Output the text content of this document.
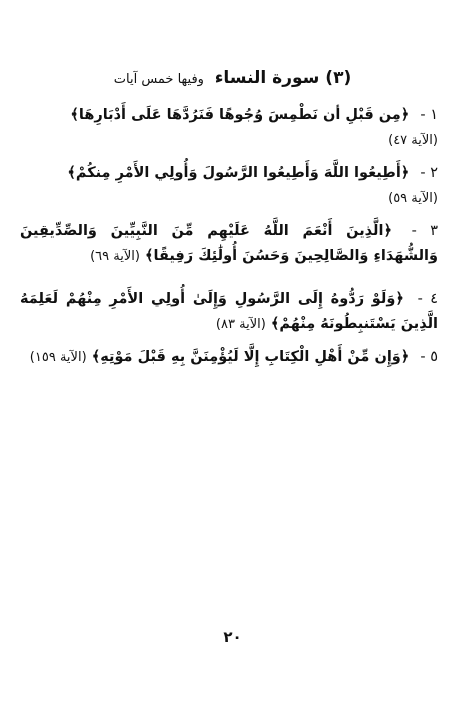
(٣) سورة النساء وفيها خمس آيات
١ - ﴿مِن قَبْلِ أن نَطْمِسَ وُجُوهًا فَنَرُدَّهَا عَلَى أَدْبَارِهَا﴾
(الآية ٤٧)
٢ - ﴿أَطِيعُوا اللَّهَ وَأَطِيعُوا الرَّسُولَ وَأُولِي الأَمْرِ مِنكُمْ﴾
(الآية ٥٩)
٣ - ﴿الَّذِينَ أَنْعَمَ اللَّهُ عَلَيْهِم مِّنَ النَّبِيِّينَ وَالصِّدِّيقِينَ وَالشُّهَدَاءِ وَالصَّالِحِينَ وَحَسُنَ أُولَٰئِكَ رَفِيقًا﴾ (الآية ٦٩)
٤ - ﴿وَلَوْ رَدُّوهُ إِلَى الرَّسُولِ وَإِلَىٰ أُولِي الأَمْرِ مِنْهُمْ لَعَلِمَهُ الَّذِينَ يَسْتَنبِطُونَهُ مِنْهُمْ﴾ (الآية ٨٣)
٥ - ﴿وَإِن مِّنْ أَهْلِ الْكِتَابِ إِلَّا لَيُؤْمِنَنَّ بِهِ قَبْلَ مَوْتِهِ﴾ (الآية ١٥٩)
٢٠
